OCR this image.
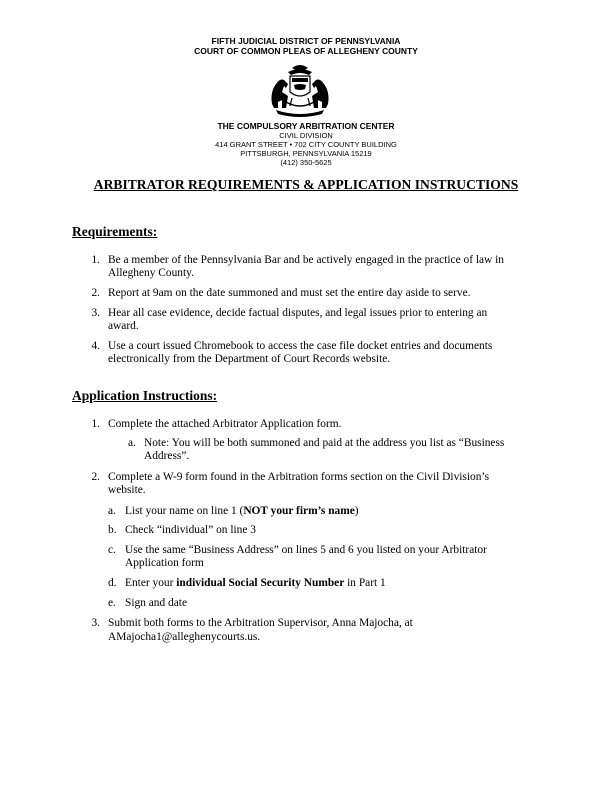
FIFTH JUDICIAL DISTRICT OF PENNSYLVANIA
COURT OF COMMON PLEAS OF ALLEGHENY COUNTY
THE COMPULSORY ARBITRATION CENTER
CIVIL DIVISION
414 GRANT STREET • 702 CITY COUNTY BUILDING
PITTSBURGH, PENNSYLVANIA 15219
(412) 350-5625
ARBITRATOR REQUIREMENTS & APPLICATION INSTRUCTIONS
Requirements:
1. Be a member of the Pennsylvania Bar and be actively engaged in the practice of law in
Allegheny County.
2. Report at 9am on the date summoned and must set the entire day aside to serve.
3. Hear all case evidence, decide factual disputes, and legal issues prior to entering an
award.
4. Use a court issued Chromebook to access the case file docket entries and documents
electronically from the Department of Court Records website.
Application Instructions:
1. Complete the attached Arbitrator Application form.
a. Note: You will be both summoned and paid at the address you list as “Business
Address”.
2. Complete a W-9 form found in the Arbitration forms section on the Civil Division’s
website.
a. List your name on line 1 (NOT your firm’s name)
b. Check “individual” on line 3
c. Use the same “Business Address” on lines 5 and 6 you listed on your Arbitrator
Application form
d. Enter your individual Social Security Number in Part 1
e. Sign and date
3. Submit both forms to the Arbitration Supervisor, Anna Majocha, at
AMajocha1@alleghenycourts.us.
